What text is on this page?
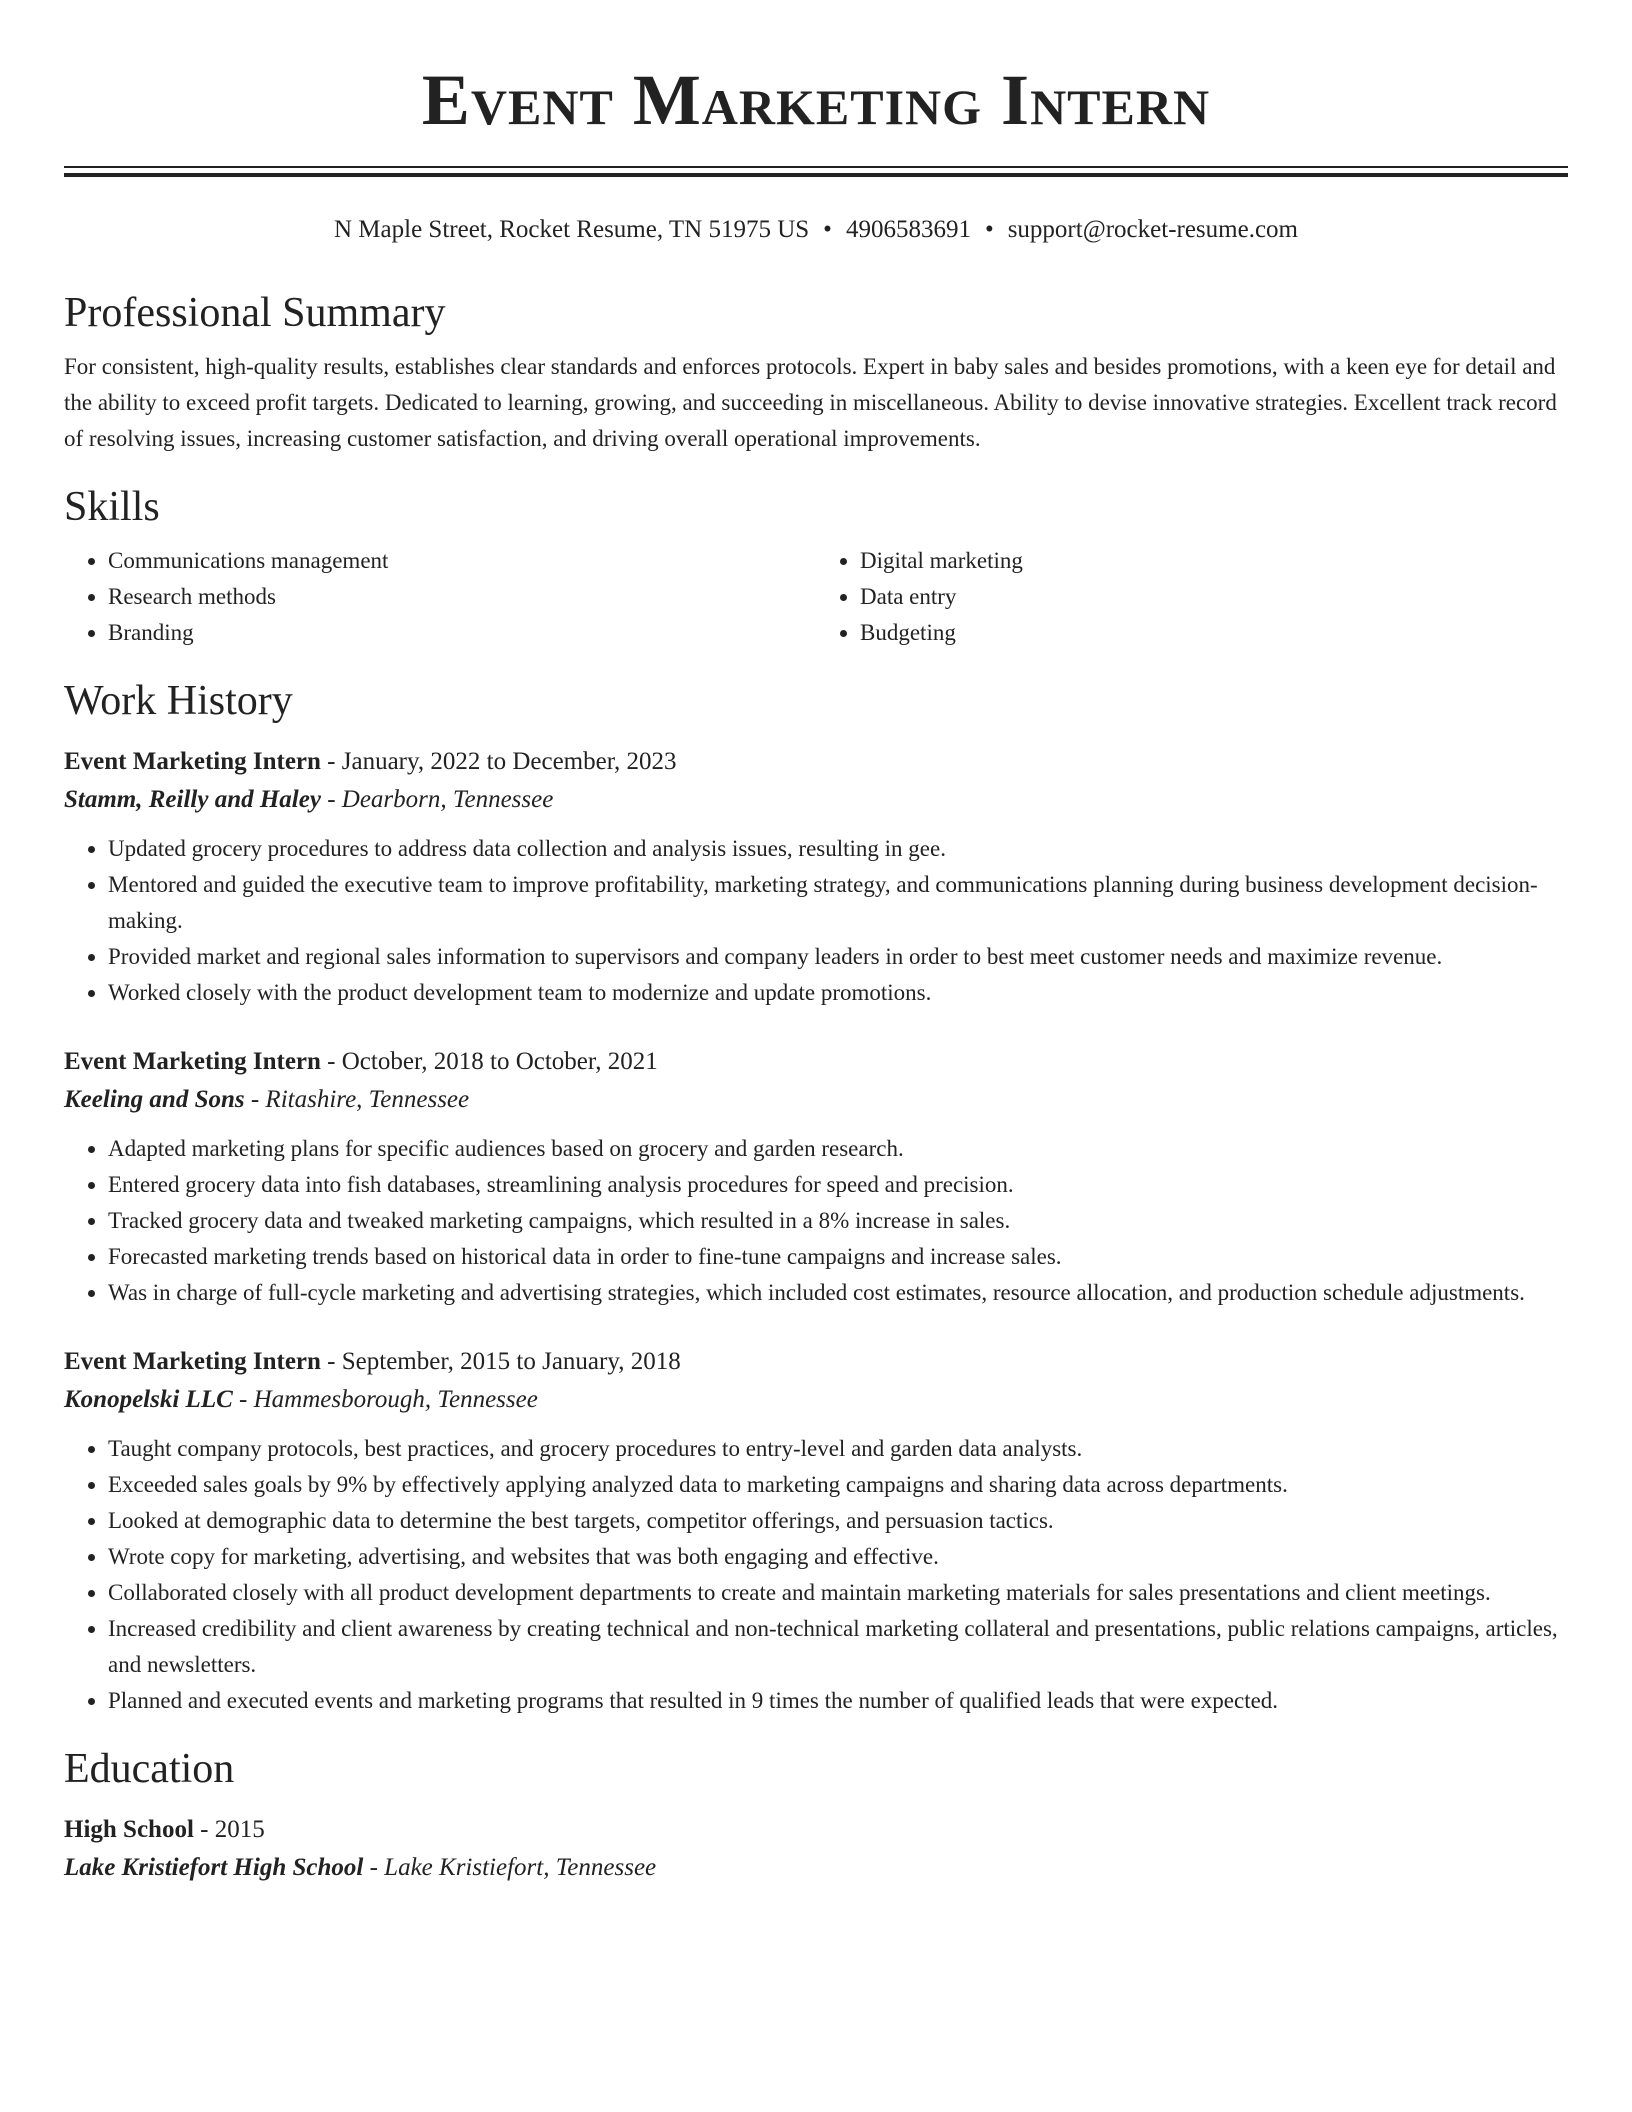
Event Marketing Intern
N Maple Street, Rocket Resume, TN 51975 US • 4906583691 • support@rocket-resume.com
Professional Summary

For consistent, high-quality results, establishes clear standards and enforces protocols. Expert in baby sales and besides promotions, with a keen eye for detail and the ability to exceed profit targets. Dedicated to learning, growing, and succeeding in miscellaneous. Ability to devise innovative strategies. Excellent track record of resolving issues, increasing customer satisfaction, and driving overall operational improvements.

Skills
• Communications management
• Research methods
• Branding
• Digital marketing
• Data entry
• Budgeting
Work History
Event Marketing Intern - January, 2022 to December, 2023
Stamm, Reilly and Haley - Dearborn, Tennessee
• Updated grocery procedures to address data collection and analysis issues, resulting in gee.
• Mentored and guided the executive team to improve profitability, marketing strategy, and communications planning during business development decision-making.
• Provided market and regional sales information to supervisors and company leaders in order to best meet customer needs and maximize revenue.
• Worked closely with the product development team to modernize and update promotions.
Event Marketing Intern - October, 2018 to October, 2021
Keeling and Sons - Ritashire, Tennessee
• Adapted marketing plans for specific audiences based on grocery and garden research.
• Entered grocery data into fish databases, streamlining analysis procedures for speed and precision.
• Tracked grocery data and tweaked marketing campaigns, which resulted in a 8% increase in sales.
• Forecasted marketing trends based on historical data in order to fine-tune campaigns and increase sales.
• Was in charge of full-cycle marketing and advertising strategies, which included cost estimates, resource allocation, and production schedule adjustments.
Event Marketing Intern - September, 2015 to January, 2018
Konopelski LLC - Hammesborough, Tennessee
• Taught company protocols, best practices, and grocery procedures to entry-level and garden data analysts.
• Exceeded sales goals by 9% by effectively applying analyzed data to marketing campaigns and sharing data across departments.
• Looked at demographic data to determine the best targets, competitor offerings, and persuasion tactics.
• Wrote copy for marketing, advertising, and websites that was both engaging and effective.
• Collaborated closely with all product development departments to create and maintain marketing materials for sales presentations and client meetings.
• Increased credibility and client awareness by creating technical and non-technical marketing collateral and presentations, public relations campaigns, articles, and newsletters.
• Planned and executed events and marketing programs that resulted in 9 times the number of qualified leads that were expected.
Education
High School - 2015
Lake Kristiefort High School - Lake Kristiefort, Tennessee
